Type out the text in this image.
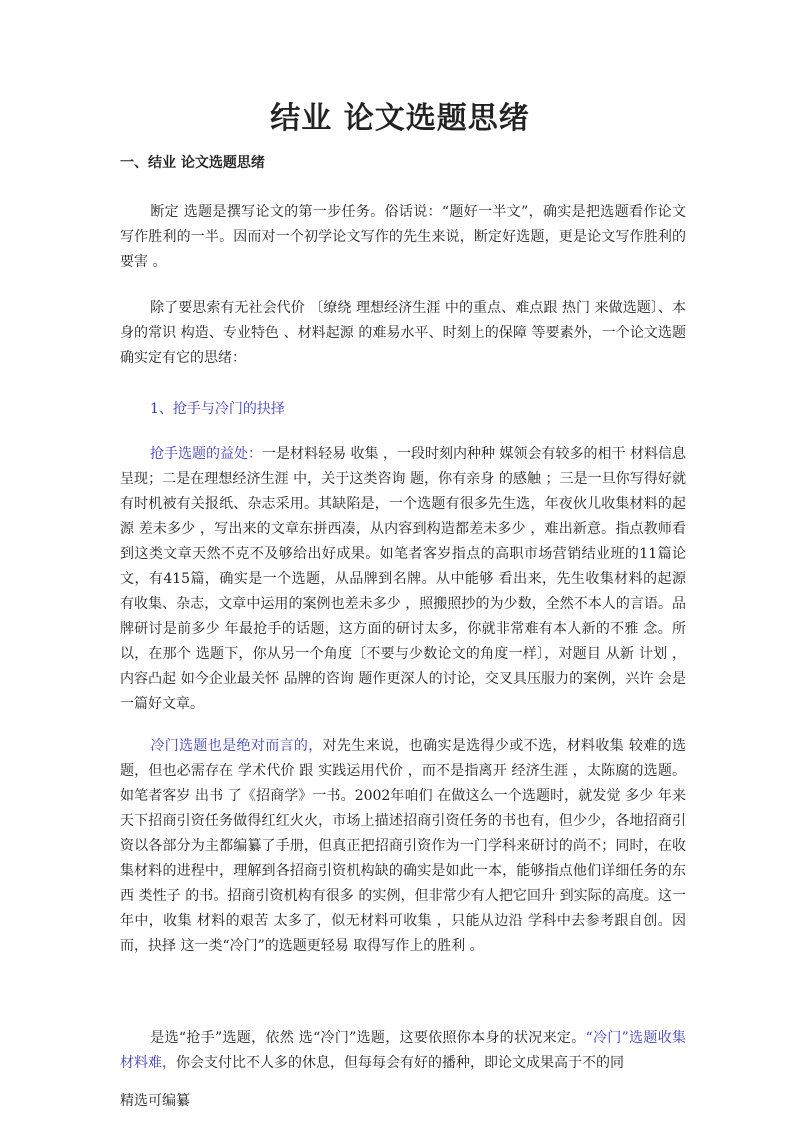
结业 论文选题思绪

一、结业 论文选题思绪

断定 选题是撰写论文的第一步任务。俗话说：“题好一半文”，确实是把选题看作论文写作胜利的一半。因而对一个初学论文写作的先生来说，断定好选题，更是论文写作胜利的要害 。

除了要思索有无社会代价 〔缭绕 理想经济生涯 中的重点、难点跟 热门 来做选题〕、本身的常识 构造、专业特色 、材料起源 的难易水平、时刻上的保障 等要素外，一个论文选题确实定有它的思绪：

1、抢手与冷门的抉择

抢手选题的益处：一是材料轻易 收集 ，一段时刻内种种 媒领会有较多的相干 材料信息呈现；二是在理想经济生涯 中，关于这类咨询 题，你有亲身 的感触 ；三是一旦你写得好就有时机被有关报纸、杂志采用。其缺陷是，一个选题有很多先生选，年夜伙儿收集材料的起源 差未多少 ，写出来的文章东拼西凑，从内容到构造都差未多少 ，难出新意。指点教师看到这类文章天然不克不及够给出好成果。如笔者客岁指点的高职市场营销结业班的11篇论文，有415篇，确实是一个选题，从品牌到名牌。从中能够 看出来，先生收集材料的起源 有收集、杂志，文章中运用的案例也差未多少 ，照搬照抄的为少数，全然不本人的言语。品牌研讨是前多少 年最抢手的话题，这方面的研讨太多，你就非常难有本人新的不雅 念。所以，在那个 选题下，你从另一个角度〔不要与少数论文的角度一样〕，对题目 从新 计划 ，内容凸起 如今企业最关怀 品牌的咨询 题作更深人的讨论，交叉具压服力的案例，兴许 会是一篇好文章。

冷门选题也是绝对而言的，对先生来说，也确实是选得少或不选，材料收集 较难的选题，但也必需存在 学术代价 跟 实践运用代价 ，而不是指离开 经济生涯 ，太陈腐的选题。如笔者客岁 出书 了《招商学》一书。2002年咱们 在做这么一个选题时，就发觉 多少 年来天下招商引资任务做得红红火火，市场上描述招商引资任务的书也有，但少少，各地招商引资以各部分为主都编纂了手册，但真正把招商引资作为一门学科来研讨的尚不；同时，在收集材料的进程中，理解到各招商引资机构缺的确实是如此一本，能够指点他们详细任务的东西 类性子 的书。招商引资机构有很多 的实例，但非常少有人把它回升 到实际的高度。这一年中，收集 材料的艰苦 太多了，似无材料可收集 ，只能从边沿 学科中去参考跟自创。因而，抉择 这一类“冷门”的选题更轻易 取得写作上的胜利 。

是选“抢手”选题，依然 选“冷门”选题，这要依照你本身的状况来定。“冷门”选题收集材料难，你会支付比不人多的休息，但每每会有好的播种，即论文成果高于不的同

精选可编纂
